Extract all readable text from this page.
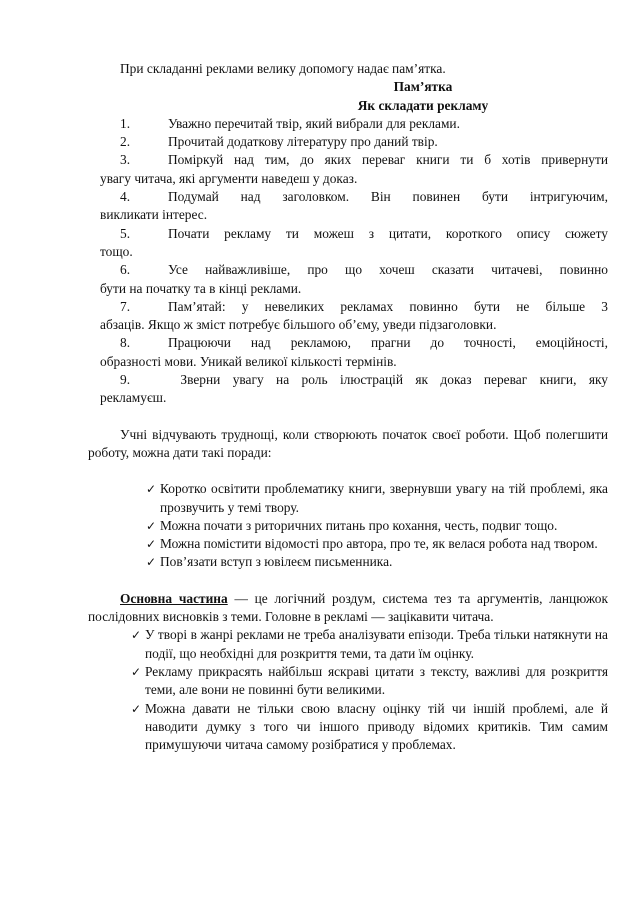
При складанні реклами велику допомогу надає пам’ятка.

Пам’ятка

Як складати рекламу

1.	Уважно перечитай твір, який вибрали для реклами.
2.	Прочитай додаткову літературу про даний твір.
3.	Поміркуй над тим, до яких переваг книги ти б хотів привернути
увагу читача, які аргументи наведеш у доказ.
4.	Подумай над заголовком. Він повинен бути інтригуючим,
викликати інтерес.
5.	Почати рекламу ти можеш з цитати, короткого опису сюжету
тощо.
6.	Усе найважливіше, про що хочеш сказати читачеві, повинно
бути на початку та в кінці реклами.
7.	Пам’ятай: у невеликих рекламах повинно бути не більше 3
абзаців. Якщо ж зміст потребує більшого об’єму, уведи підзаголовки.
8.	Працюючи над рекламою, прагни до точності, емоційності,
образності мови. Уникай великої кількості термінів.
9.	Зверни увагу на роль ілюстрацій як доказ переваг книги, яку
рекламуєш.

Учні відчувають труднощі, коли створюють початок своєї роботи. Щоб полегшити роботу, можна дати такі поради:

✓ Коротко освітити проблематику книги, звернувши увагу на тій проблемі, яка прозвучить у темі твору.
✓ Можна почати з риторичних питань про кохання, честь, подвиг тощо.
✓ Можна помістити відомості про автора, про те, як велася робота над твором.
✓ Пов’язати вступ з ювілеєм письменника.

Основна частина — це логічний роздум, система тез та аргументів, ланцюжок послідовних висновків з теми. Головне в рекламі — зацікавити читача.

✓ У творі в жанрі реклами не треба аналізувати епізоди. Треба тільки натякнути на події, що необхідні для розкриття теми, та дати їм оцінку.
✓ Рекламу прикрасять найбільш яскраві цитати з тексту, важливі для розкриття теми, але вони не повинні бути великими.
✓ Можна давати не тільки свою власну оцінку тій чи іншій проблемі, але й наводити думку з того чи іншого приводу відомих критиків. Тим самим примушуючи читача самому розібратися у проблемах.
